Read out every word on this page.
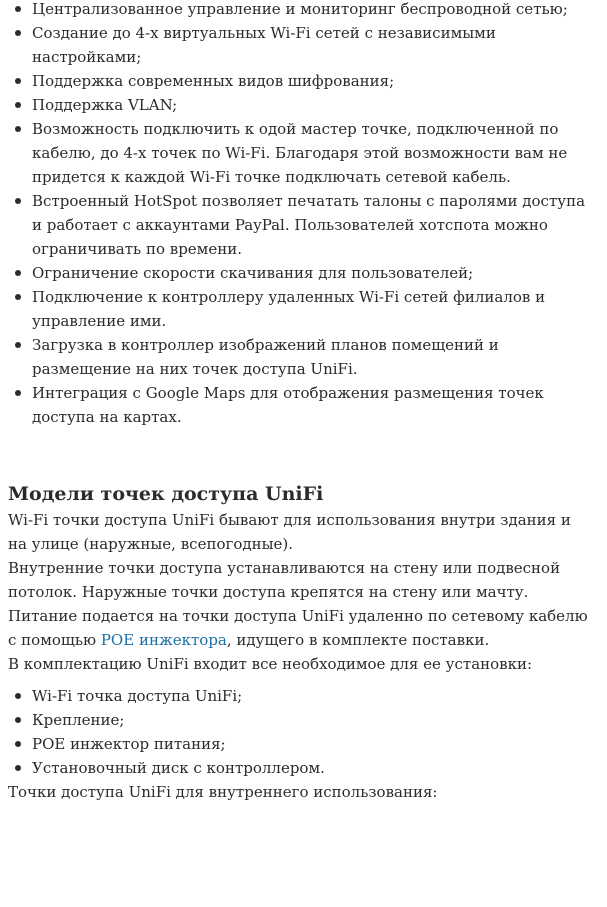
Централизованное управление и мониторинг беспроводной сетью;
Создание до 4-х виртуальных Wi-Fi сетей с независимыми настройками;
Поддержка современных видов шифрования;
Поддержка VLAN;
Возможность подключить к одой мастер точке, подключенной по кабелю, до 4-х точек по Wi-Fi. Благодаря этой возможности вам не придется к каждой Wi-Fi точке подключать сетевой кабель.
Встроенный HotSpot позволяет печатать талоны с паролями доступа и работает с аккаунтами PayPal. Пользователей хотспота можно ограничивать по времени.
Ограничение скорости скачивания для пользователей;
Подключение к контроллеру удаленных Wi-Fi сетей филиалов и управление ими.
Загрузка в контроллер изображений планов помещений и размещение на них точек доступа UniFi.
Интеграция с Google Maps для отображения размещения точек доступа на картах.
Модели точек доступа UniFi

Wi-Fi точки доступа UniFi бывают для использования внутри здания и на улице (наружные, всепогодные).

Внутренние точки доступа устанавливаются на стену или подвесной потолок. Наружные точки доступа крепятся на стену или мачту.

Питание подается на точки доступа UniFi удаленно по сетевому кабелю с помощью POE инжектора, идущего в комплекте поставки.

В комплектацию UniFi входит все необходимое для ее установки:

Wi-Fi точка доступа UniFi;
Крепление;
POE инжектор питания;
Установочный диск с контроллером.

Точки доступа UniFi для внутреннего использования:
